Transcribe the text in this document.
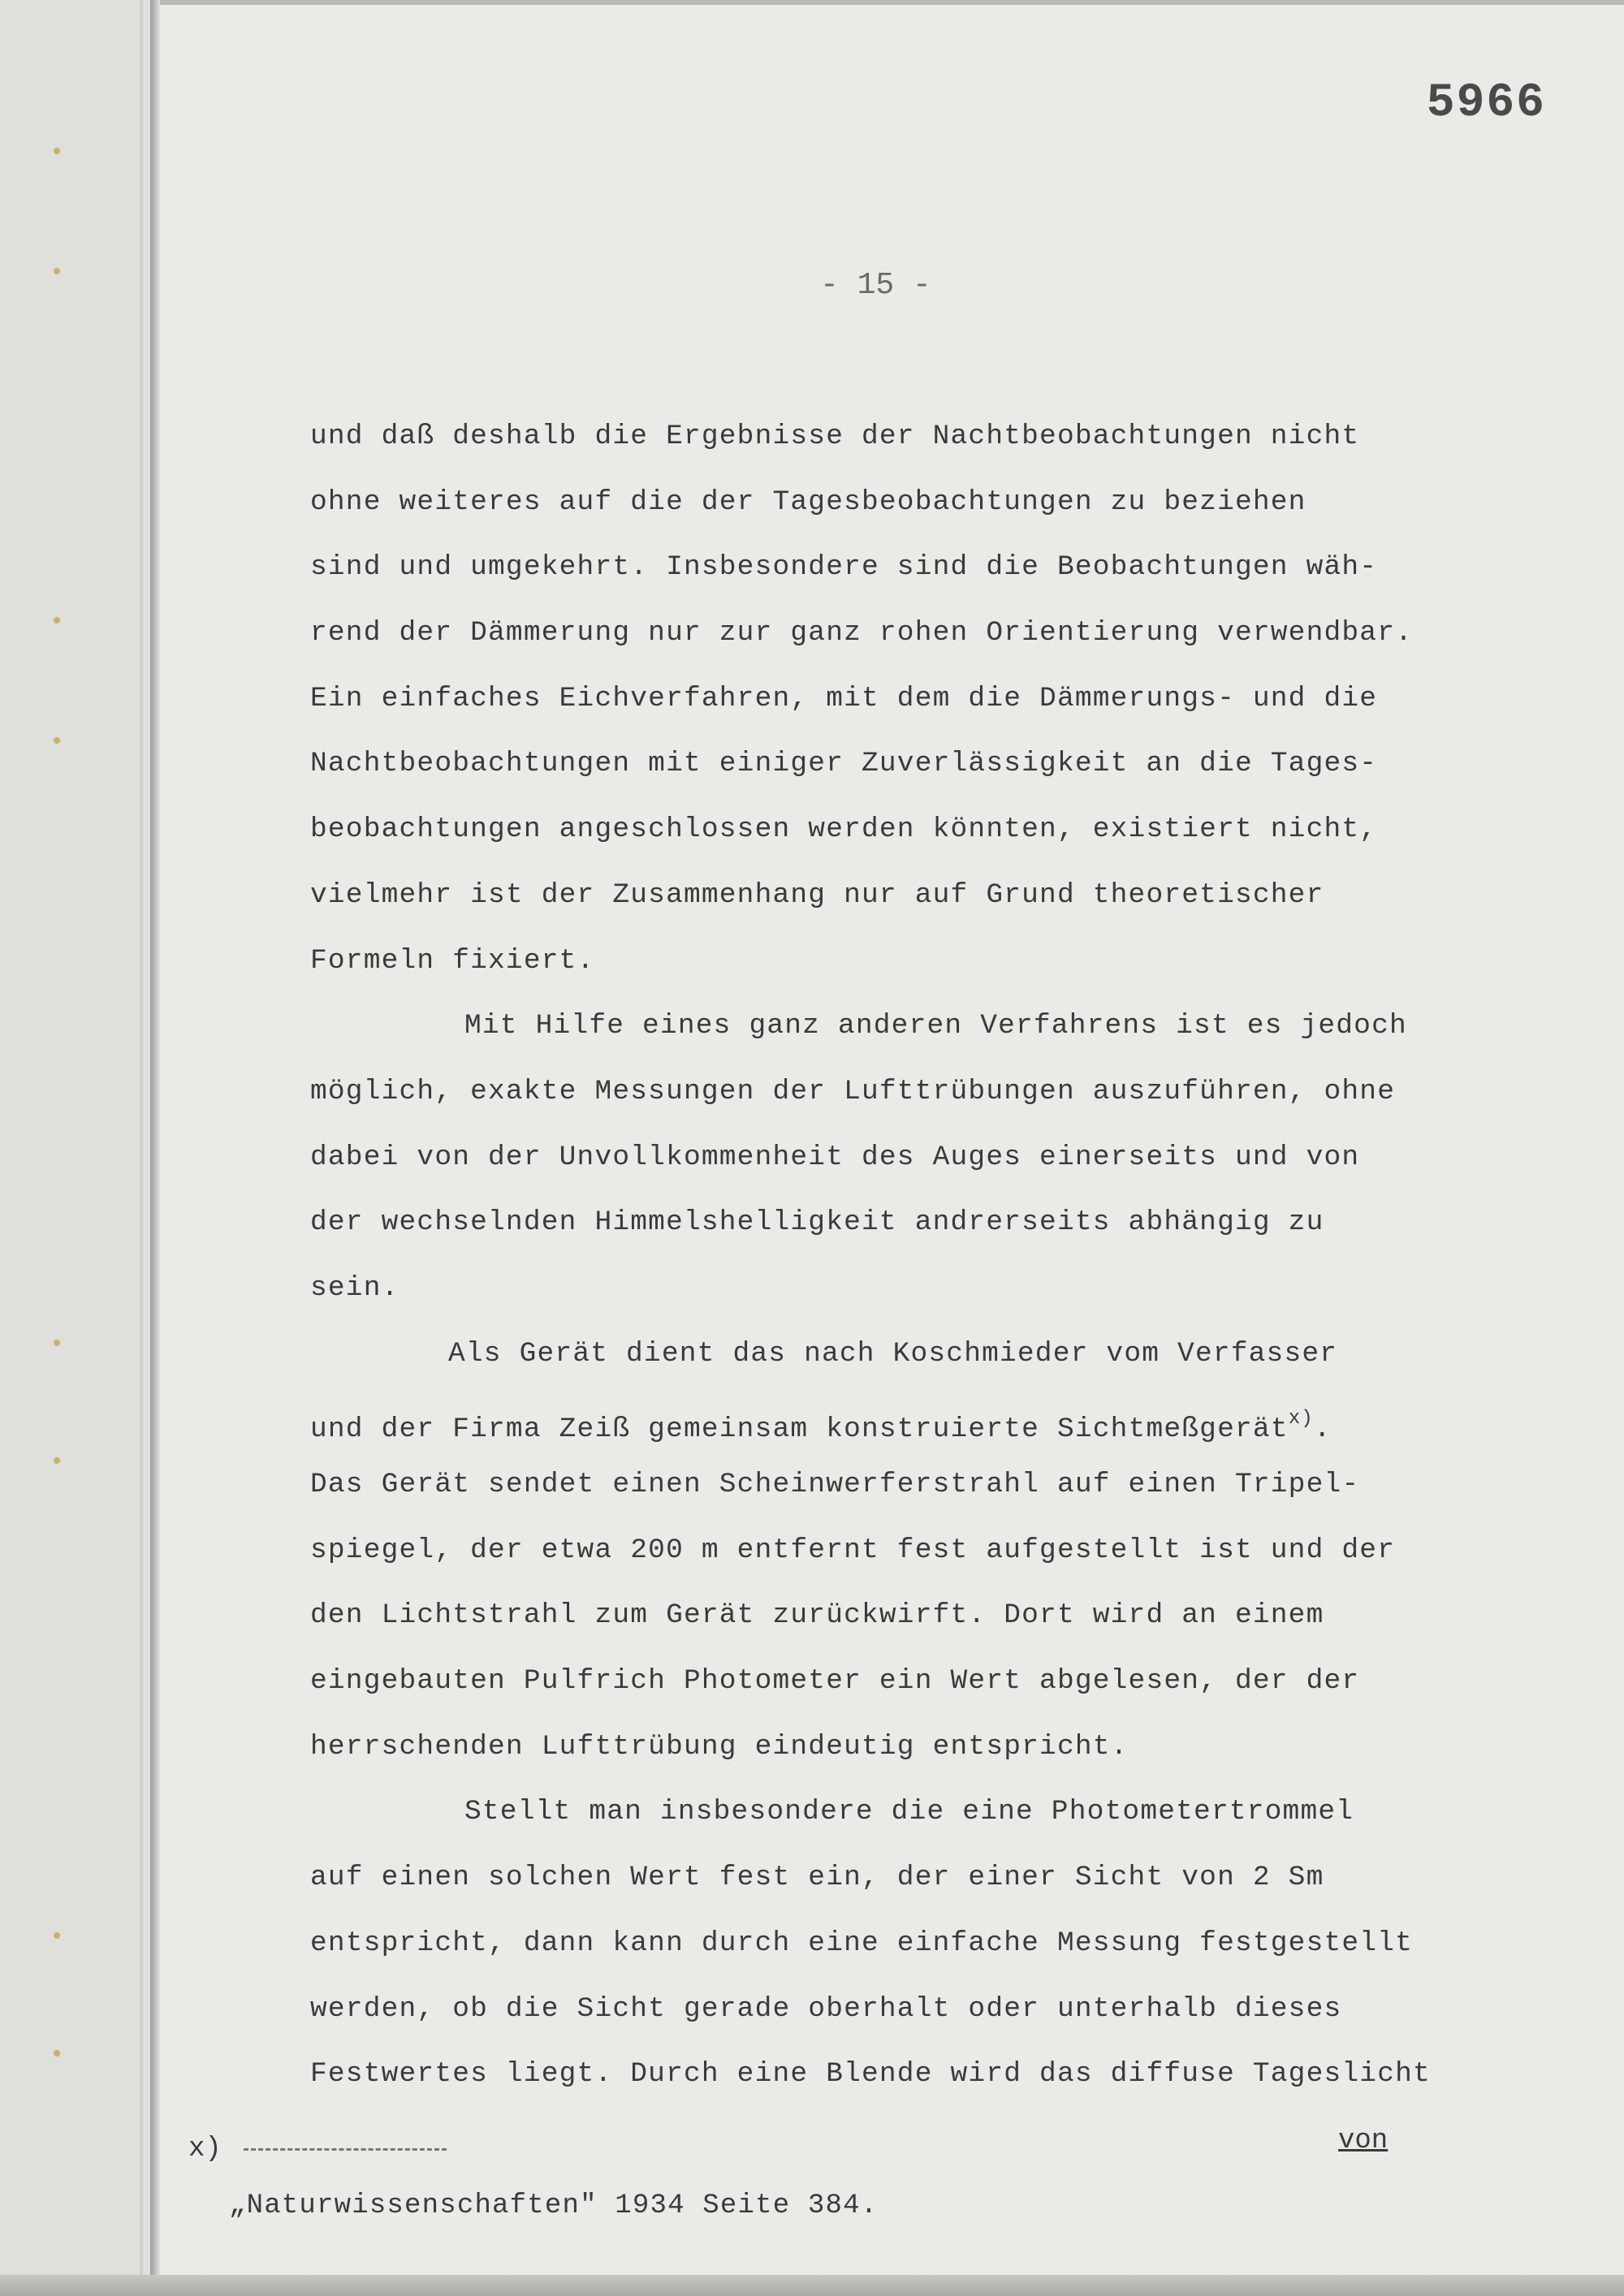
5966
- 15 -
und daß deshalb die Ergebnisse der Nachtbeobachtungen nicht
ohne weiteres auf die der Tagesbeobachtungen zu beziehen
sind und umgekehrt. Insbesondere sind die Beobachtungen wäh-
rend der Dämmerung nur zur ganz rohen Orientierung verwendbar.
Ein einfaches Eichverfahren, mit dem die Dämmerungs- und die
Nachtbeobachtungen mit einiger Zuverlässigkeit an die Tages-
beobachtungen angeschlossen werden könnten, existiert nicht,
vielmehr ist der Zusammenhang nur auf Grund theoretischer
Formeln fixiert.
Mit Hilfe eines ganz anderen Verfahrens ist es jedoch
möglich, exakte Messungen der Lufttrübungen auszuführen, ohne
dabei von der Unvollkommenheit des Auges einerseits und von
der wechselnden Himmelshelligkeit andrerseits abhängig zu
sein.
Als Gerät dient das nach Koschmieder vom Verfasser
und der Firma Zeiß gemeinsam konstruierte Sichtmeßgerät$^{x)}$.
Das Gerät sendet einen Scheinwerferstrahl auf einen Tripel-
spiegel, der etwa 200 m entfernt fest aufgestellt ist und der
den Lichtstrahl zum Gerät zurückwirft. Dort wird an einem
eingebauten Pulfrich Photometer ein Wert abgelesen, der der
herrschenden Lufttrübung eindeutig entspricht.
Stellt man insbesondere die eine Photometertrommel
auf einen solchen Wert fest ein, der einer Sicht von 2 Sm
entspricht, dann kann durch eine einfache Messung festgestellt
werden, ob die Sicht gerade oberhalt oder unterhalb dieses
Festwertes liegt. Durch eine Blende wird das diffuse Tageslicht
von
x)
„Naturwissenschaften" 1934 Seite 384.
